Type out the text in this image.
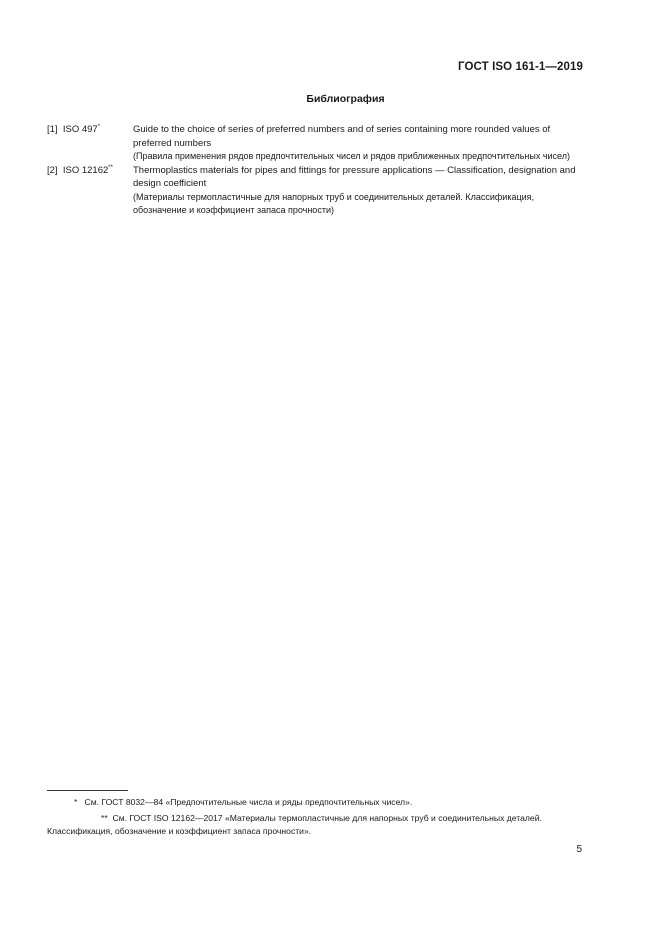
ГОСТ ISO 161-1—2019
Библиография
[1] ISO 497*	Guide to the choice of series of preferred numbers and of series containing more rounded values of preferred numbers
(Правила применения рядов предпочтительных чисел и рядов приближенных предпочтительных чисел)
[2] ISO 12162**	Thermoplastics materials for pipes and fittings for pressure applications — Classification, designation and design coefficient
(Материалы термопластичные для напорных труб и соединительных деталей. Классификация, обозначение и коэффициент запаса прочности)
* См. ГОСТ 8032—84 «Предпочтительные числа и ряды предпочтительных чисел».
** См. ГОСТ ISO 12162—2017 «Материалы термопластичные для напорных труб и соединительных деталей. Классификация, обозначение и коэффициент запаса прочности».
5
